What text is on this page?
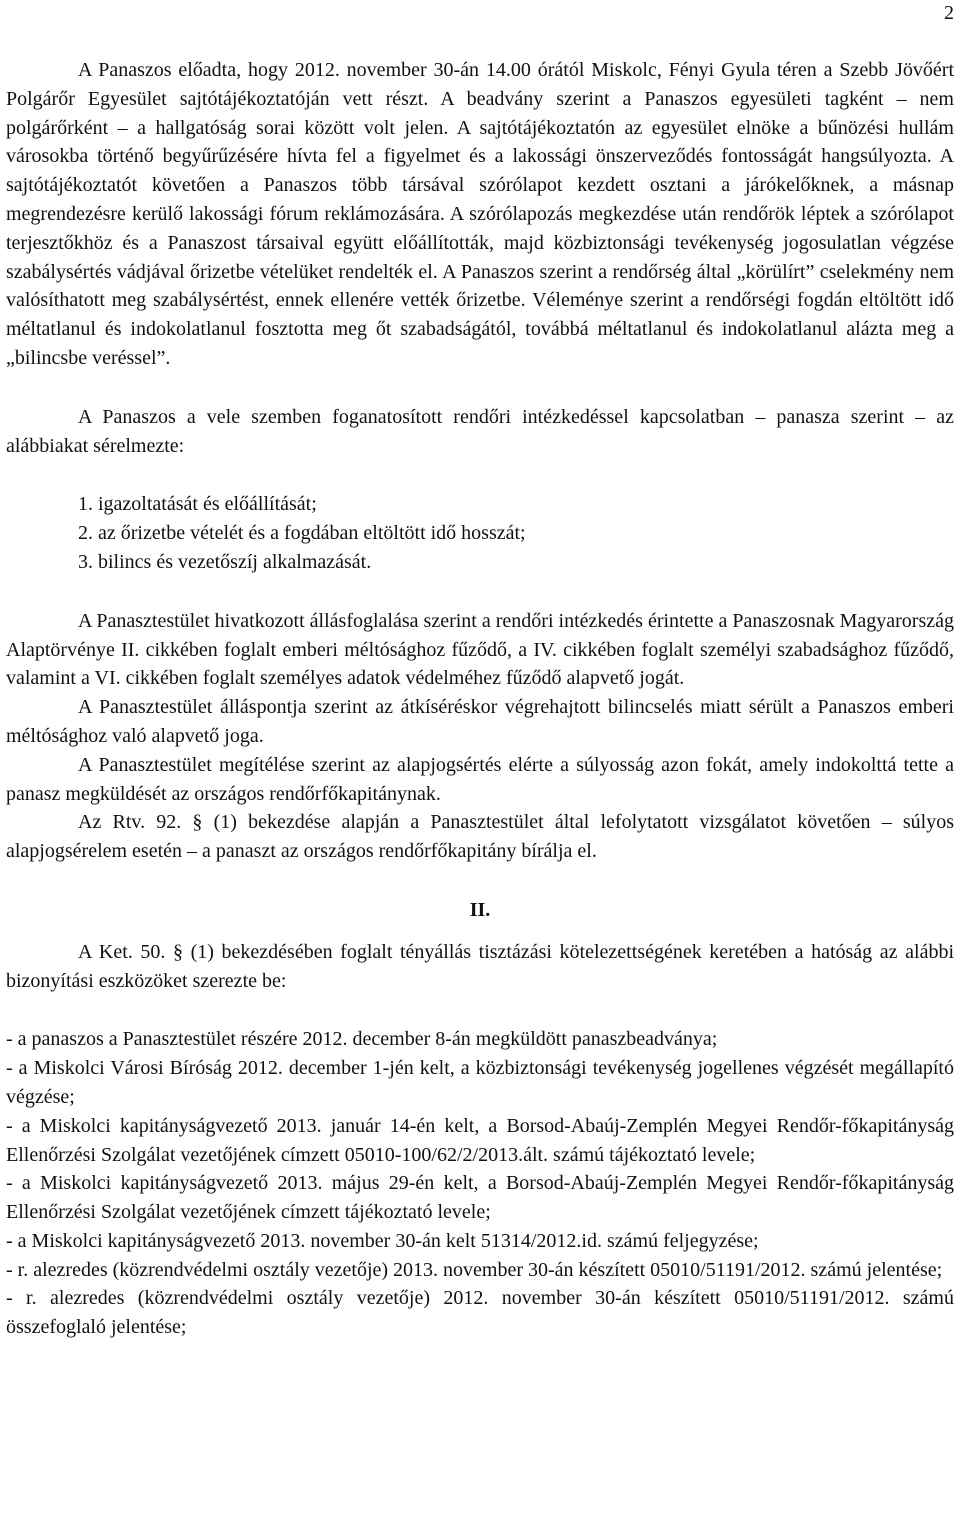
2

A Panaszos előadta, hogy 2012. november 30-án 14.00 órától Miskolc, Fényi Gyula téren a Szebb Jövőért Polgárőr Egyesület sajtótájékoztatóján vett részt. A beadvány szerint a Panaszos egyesületi tagként – nem polgárőrként – a hallgatóság sorai között volt jelen. A sajtótájékoztatón az egyesület elnöke a bűnözési hullám városokba történő begyűrűzésére hívta fel a figyelmet és a lakossági önszerveződés fontosságát hangsúlyozta. A sajtótájékoztatót követően a Panaszos több társával szórólapot kezdett osztani a járókelőknek, a másnap megrendezésre kerülő lakossági fórum reklámozására. A szórólapozás megkezdése után rendőrök léptek a szórólapot terjesztőkhöz és a Panaszost társaival együtt előállították, majd közbiztonsági tevékenység jogosulatlan végzése szabálysértés vádjával őrizetbe vételüket rendelték el. A Panaszos szerint a rendőrség által „körülírt” cselekmény nem valósíthatott meg szabálysértést, ennek ellenére vették őrizetbe. Véleménye szerint a rendőrségi fogdán eltöltött idő méltatlanul és indokolatlanul fosztotta meg őt szabadságától, továbbá méltatlanul és indokolatlanul alázta meg a „bilincsbe veréssel”.

A Panaszos a vele szemben foganatosított rendőri intézkedéssel kapcsolatban – panasza szerint – az alábbiakat sérelmezte:

1. igazoltatását és előállítását;

2. az őrizetbe vételét és a fogdában eltöltött idő hosszát;

3. bilincs és vezetőszíj alkalmazását.

A Panasztestület hivatkozott állásfoglalása szerint a rendőri intézkedés érintette a Panaszosnak Magyarország Alaptörvénye II. cikkében foglalt emberi méltósághoz fűződő, a IV. cikkében foglalt személyi szabadsághoz fűződő, valamint a VI. cikkében foglalt személyes adatok védelméhez fűződő alapvető jogát.

A Panasztestület álláspontja szerint az átkíséréskor végrehajtott bilincselés miatt sérült a Panaszos emberi méltósághoz való alapvető joga.

A Panasztestület megítélése szerint az alapjogsértés elérte a súlyosság azon fokát, amely indokolttá tette a panasz megküldését az országos rendőrfőkapitánynak.

Az Rtv. 92. § (1) bekezdése alapján a Panasztestület által lefolytatott vizsgálatot követően – súlyos alapjogsérelem esetén – a panaszt az országos rendőrfőkapitány bírálja el.

II.

A Ket. 50. § (1) bekezdésében foglalt tényállás tisztázási kötelezettségének keretében a hatóság az alábbi bizonyítási eszközöket szerezte be:

- a panaszos a Panasztestület részére 2012. december 8-án megküldött panaszbeadványa;

- a Miskolci Városi Bíróság 2012. december 1-jén kelt, a közbiztonsági tevékenység jogellenes végzését megállapító végzése;

- a Miskolci kapitányságvezető 2013. január 14-én kelt, a Borsod-Abaúj-Zemplén Megyei Rendőr-főkapitányság Ellenőrzési Szolgálat vezetőjének címzett 05010-100/62/2/2013.ált. számú tájékoztató levele;

- a Miskolci kapitányságvezető 2013. május 29-én kelt, a Borsod-Abaúj-Zemplén Megyei Rendőr-főkapitányság Ellenőrzési Szolgálat vezetőjének címzett tájékoztató levele;

- a Miskolci kapitányságvezető 2013. november 30-án kelt 51314/2012.id. számú feljegyzése;

- r. alezredes (közrendvédelmi osztály vezetője) 2013. november 30-án készített 05010/51191/2012. számú jelentése;

- r. alezredes (közrendvédelmi osztály vezetője) 2012. november 30-án készített 05010/51191/2012. számú összefoglaló jelentése;
